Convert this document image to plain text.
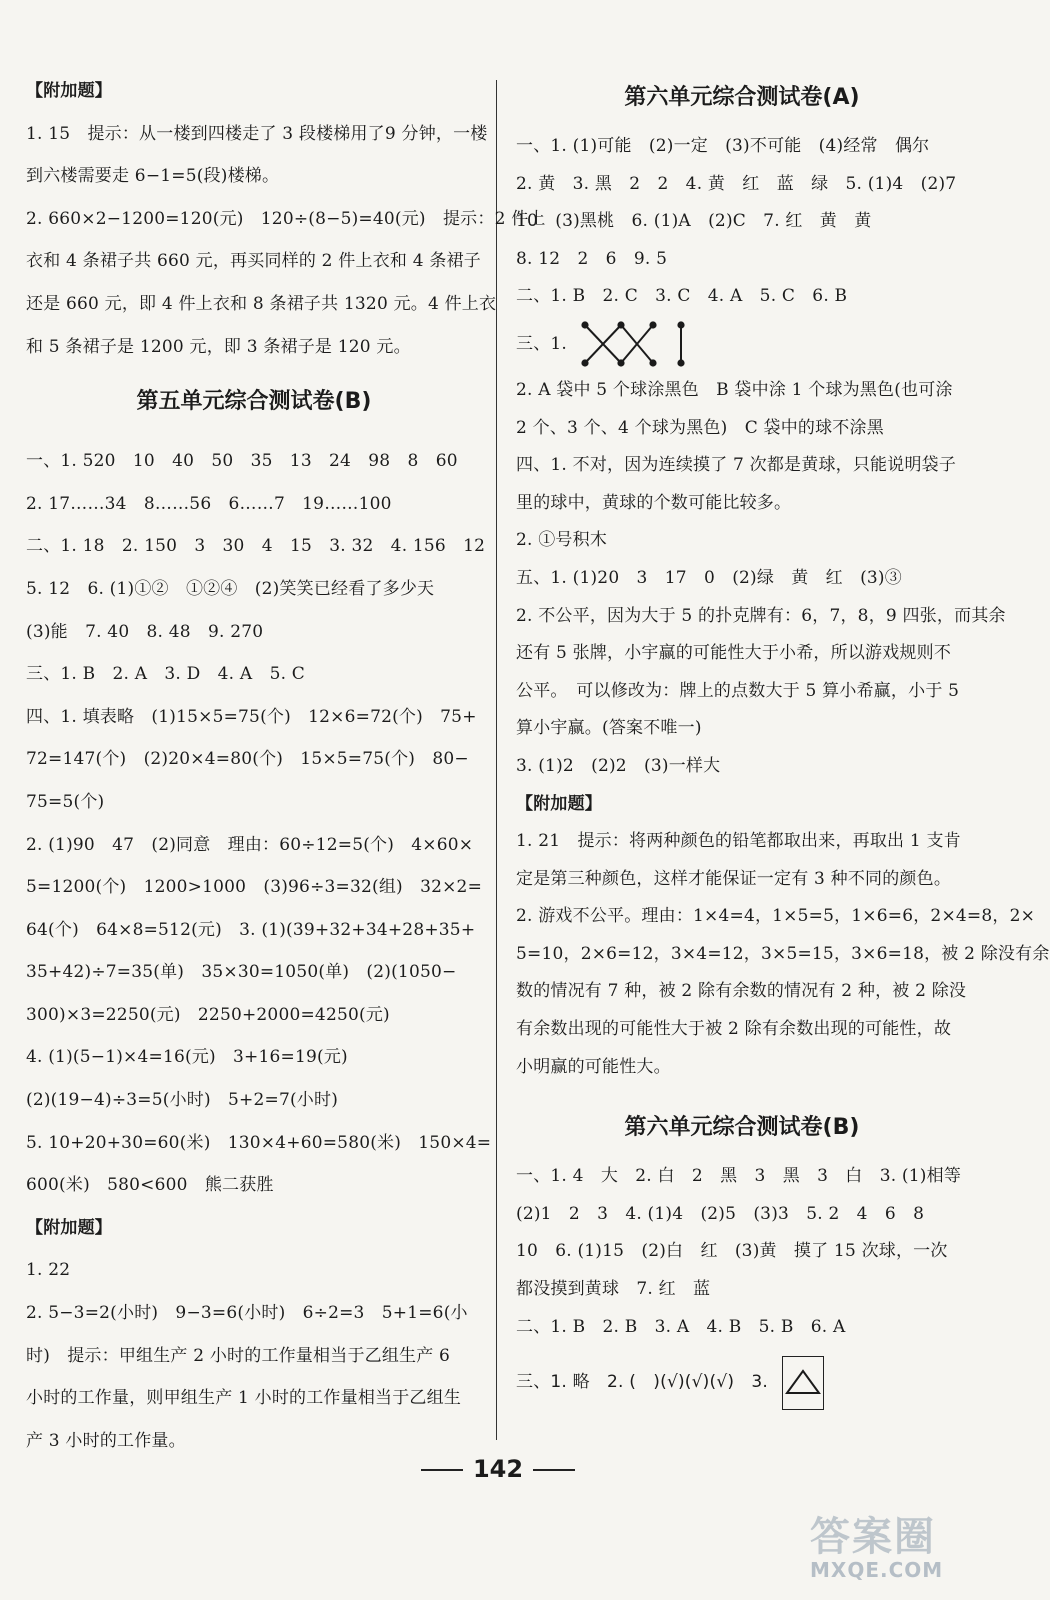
【附加题】
1. 15　提示：从一楼到四楼走了 3 段楼梯用了9 分钟，一楼
到六楼需要走 6−1=5(段)楼梯。
2. 660×2−1200=120(元)　120÷(8−5)=40(元)　提示：2 件上
衣和 4 条裙子共 660 元，再买同样的 2 件上衣和 4 条裙子
还是 660 元，即 4 件上衣和 8 条裙子共 1320 元。4 件上衣
和 5 条裙子是 1200 元，即 3 条裙子是 120 元。
第五单元综合测试卷(B)
一、1. 520　10　40　50　35　13　24　98　8　60
2. 17……34　8……56　6……7　19……100
二、1. 18　2. 150　3　30　4　15　3. 32　4. 156　12
5. 12　6. (1)①②　①②④　(2)笑笑已经看了多少天
(3)能　7. 40　8. 48　9. 270
三、1. B　2. A　3. D　4. A　5. C
四、1. 填表略　(1)15×5=75(个)　12×6=72(个)　75+
72=147(个)　(2)20×4=80(个)　15×5=75(个)　80−
75=5(个)
2. (1)90　47　(2)同意　理由：60÷12=5(个)　4×60×
5=1200(个)　1200>1000　(3)96÷3=32(组)　32×2=
64(个)　64×8=512(元)　3. (1)(39+32+34+28+35+
35+42)÷7=35(单)　35×30=1050(单)　(2)(1050−
300)×3=2250(元)　2250+2000=4250(元)
4. (1)(5−1)×4=16(元)　3+16=19(元)
(2)(19−4)÷3=5(小时)　5+2=7(小时)
5. 10+20+30=60(米)　130×4+60=580(米)　150×4=
600(米)　580<600　熊二获胜
【附加题】
1. 22
2. 5−3=2(小时)　9−3=6(小时)　6÷2=3　5+1=6(小
时)　提示：甲组生产 2 小时的工作量相当于乙组生产 6
小时的工作量，则甲组生产 1 小时的工作量相当于乙组生
产 3 小时的工作量。
第六单元综合测试卷(A)
一、1. (1)可能　(2)一定　(3)不可能　(4)经常　偶尔
2. 黄　3. 黑　2　2　4. 黄　红　蓝　绿　5. (1)4　(2)7
10　(3)黑桃　6. (1)A　(2)C　7. 红　黄　黄
8. 12　2　6　9. 5
二、1. B　2. C　3. C　4. A　5. C　6. B
三、1.
2. A 袋中 5 个球涂黑色　B 袋中涂 1 个球为黑色(也可涂
2 个、3 个、4 个球为黑色)　C 袋中的球不涂黑
四、1. 不对，因为连续摸了 7 次都是黄球，只能说明袋子
里的球中，黄球的个数可能比较多。
2. ①号积木
五、1. (1)20　3　17　0　(2)绿　黄　红　(3)③
2. 不公平，因为大于 5 的扑克牌有：6，7，8，9 四张，而其余
还有 5 张牌，小宇赢的可能性大于小希，所以游戏规则不
公平。　可以修改为：牌上的点数大于 5 算小希赢，小于 5
算小宇赢。(答案不唯一)
3. (1)2　(2)2　(3)一样大
【附加题】
1. 21　提示：将两种颜色的铅笔都取出来，再取出 1 支肯
定是第三种颜色，这样才能保证一定有 3 种不同的颜色。
2. 游戏不公平。理由：1×4=4，1×5=5，1×6=6，2×4=8，2×
5=10，2×6=12，3×4=12，3×5=15，3×6=18，被 2 除没有余
数的情况有 7 种，被 2 除有余数的情况有 2 种，被 2 除没
有余数出现的可能性大于被 2 除有余数出现的可能性，故
小明赢的可能性大。
第六单元综合测试卷(B)
一、1. 4　大　2. 白　2　黑　3　黑　3　白　3. (1)相等
(2)1　2　3　4. (1)4　(2)5　(3)3　5. 2　4　6　8
10　6. (1)15　(2)白　红　(3)黄　摸了 15 次球，一次
都没摸到黄球　7. 红　蓝
二、1. B　2. B　3. A　4. B　5. B　6. A
三、1. 略　2. (　)(√)(√)(√)　3.
142
答案圈
MXQE.COM
